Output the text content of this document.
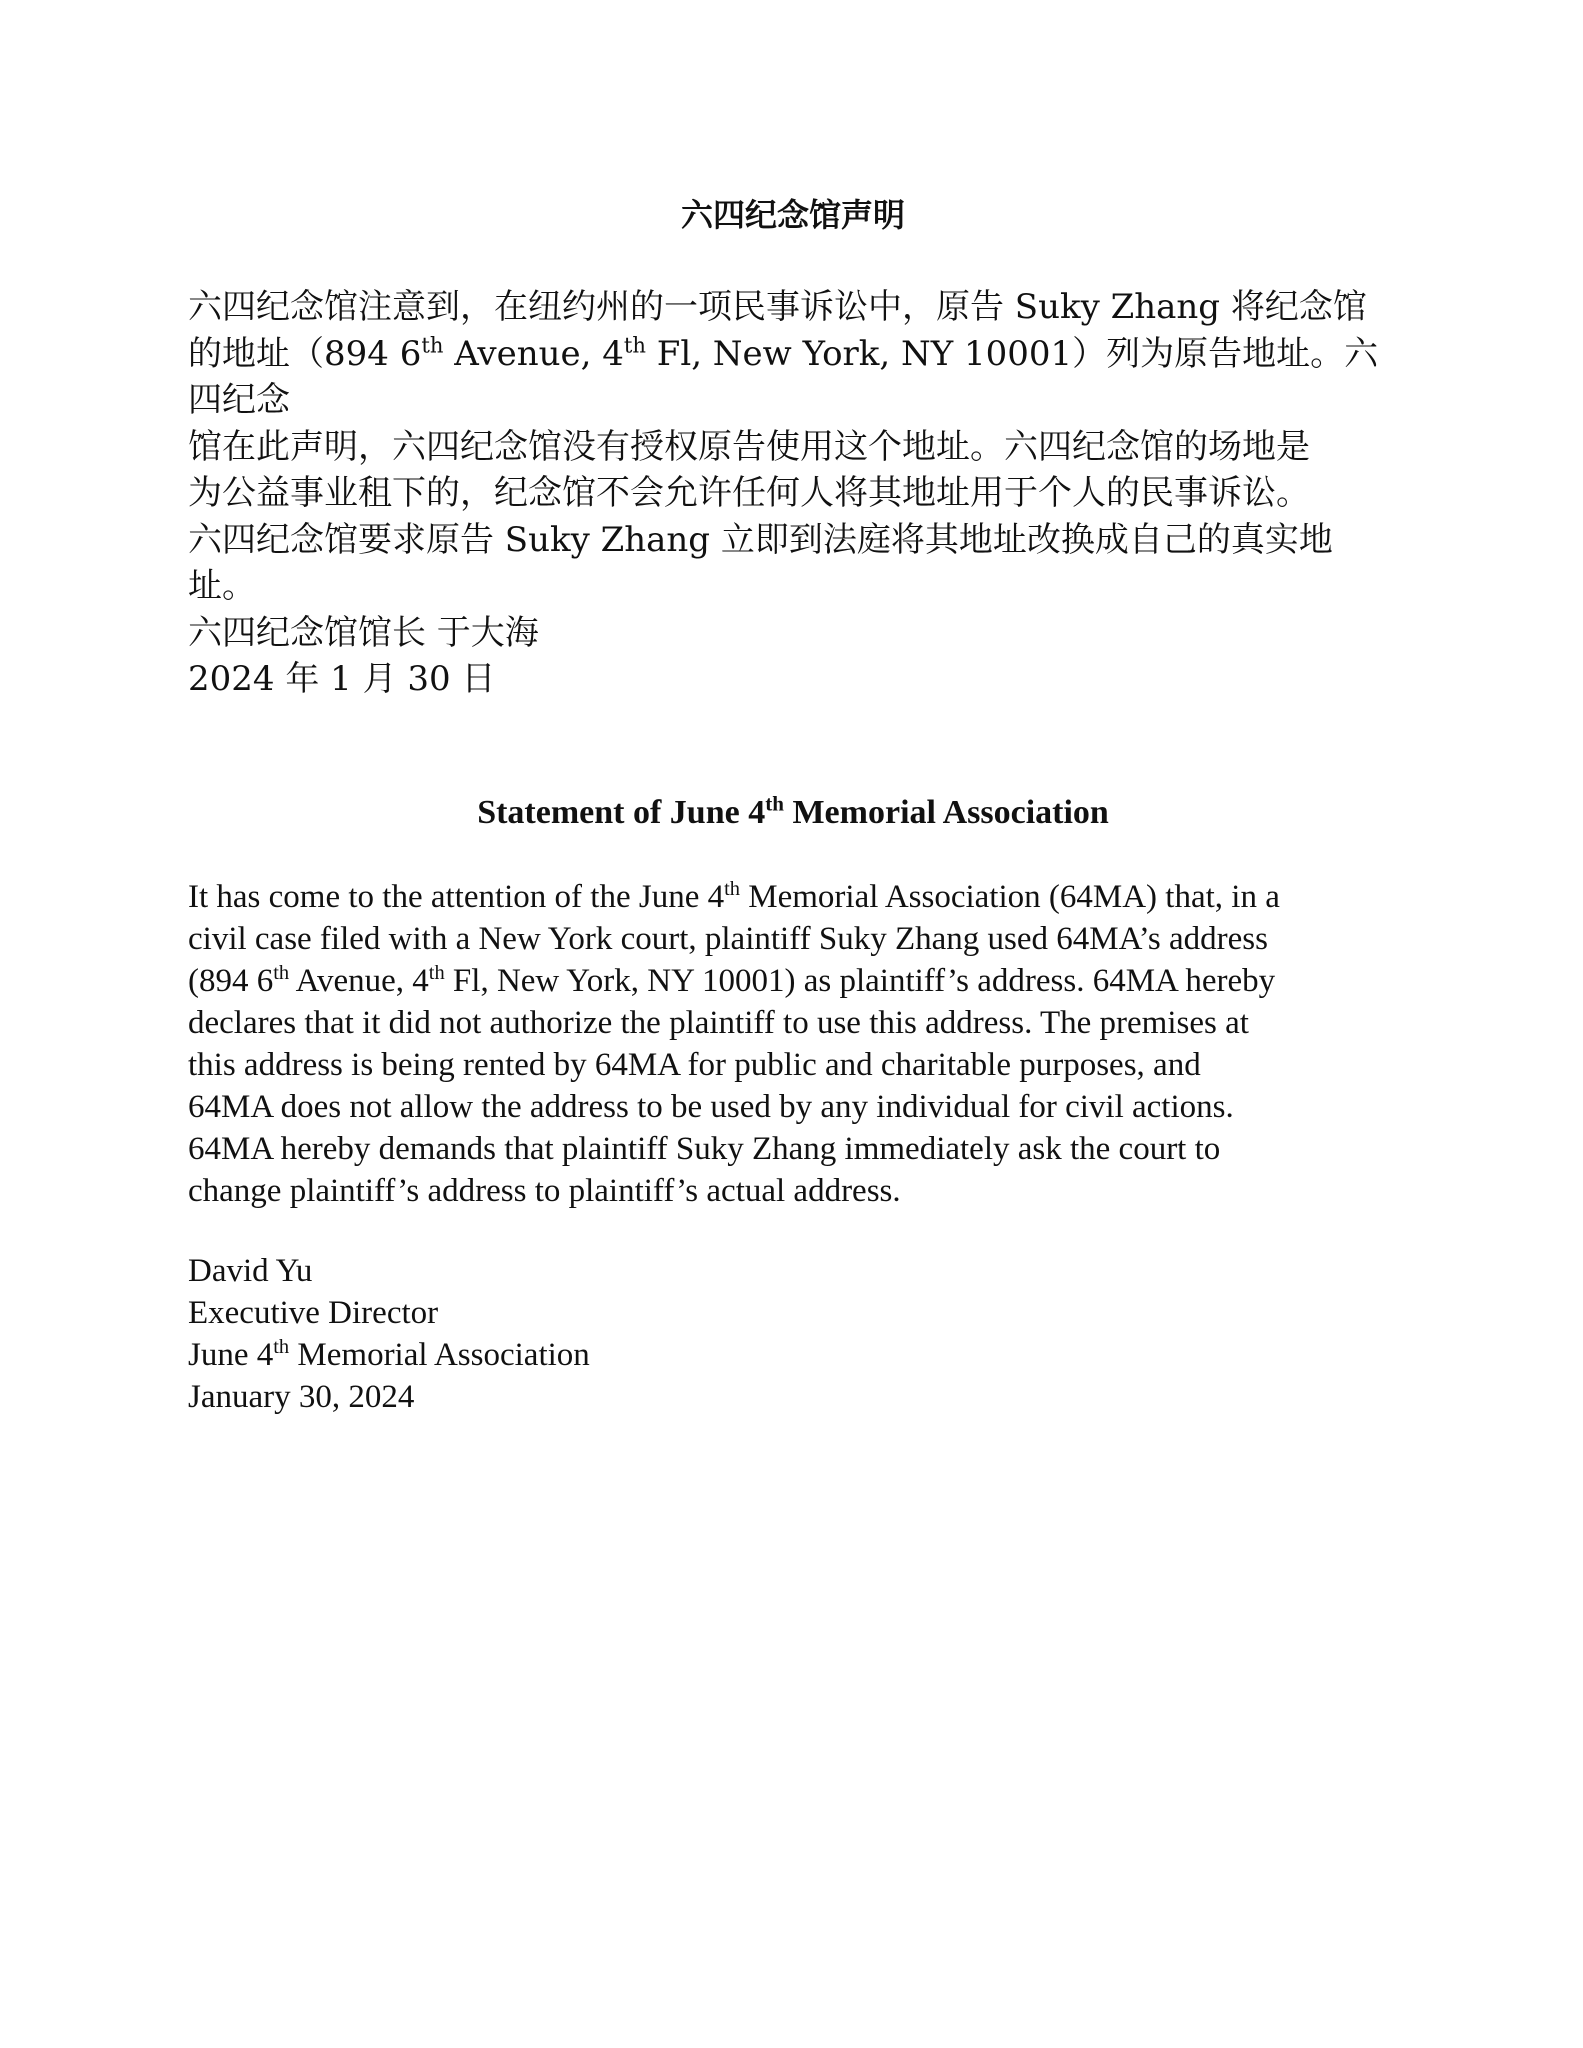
六四纪念馆声明
六四纪念馆注意到，在纽约州的一项民事诉讼中，原告 Suky Zhang 将纪念馆
的地址（894 6th Avenue, 4th Fl, New York, NY 10001）列为原告地址。六四纪念
馆在此声明，六四纪念馆没有授权原告使用这个地址。六四纪念馆的场地是
为公益事业租下的，纪念馆不会允许任何人将其地址用于个人的民事诉讼。
六四纪念馆要求原告 Suky Zhang 立即到法庭将其地址改换成自己的真实地
址。
六四纪念馆馆长 于大海
2024 年 1 月 30 日
Statement of June 4th Memorial Association
It has come to the attention of the June 4th Memorial Association (64MA) that, in a
civil case filed with a New York court, plaintiff Suky Zhang used 64MA’s address
(894 6th Avenue, 4th Fl, New York, NY 10001) as plaintiff’s address. 64MA hereby
declares that it did not authorize the plaintiff to use this address. The premises at
this address is being rented by 64MA for public and charitable purposes, and
64MA does not allow the address to be used by any individual for civil actions.
64MA hereby demands that plaintiff Suky Zhang immediately ask the court to
change plaintiff’s address to plaintiff’s actual address.
David Yu
Executive Director
June 4th Memorial Association
January 30, 2024
